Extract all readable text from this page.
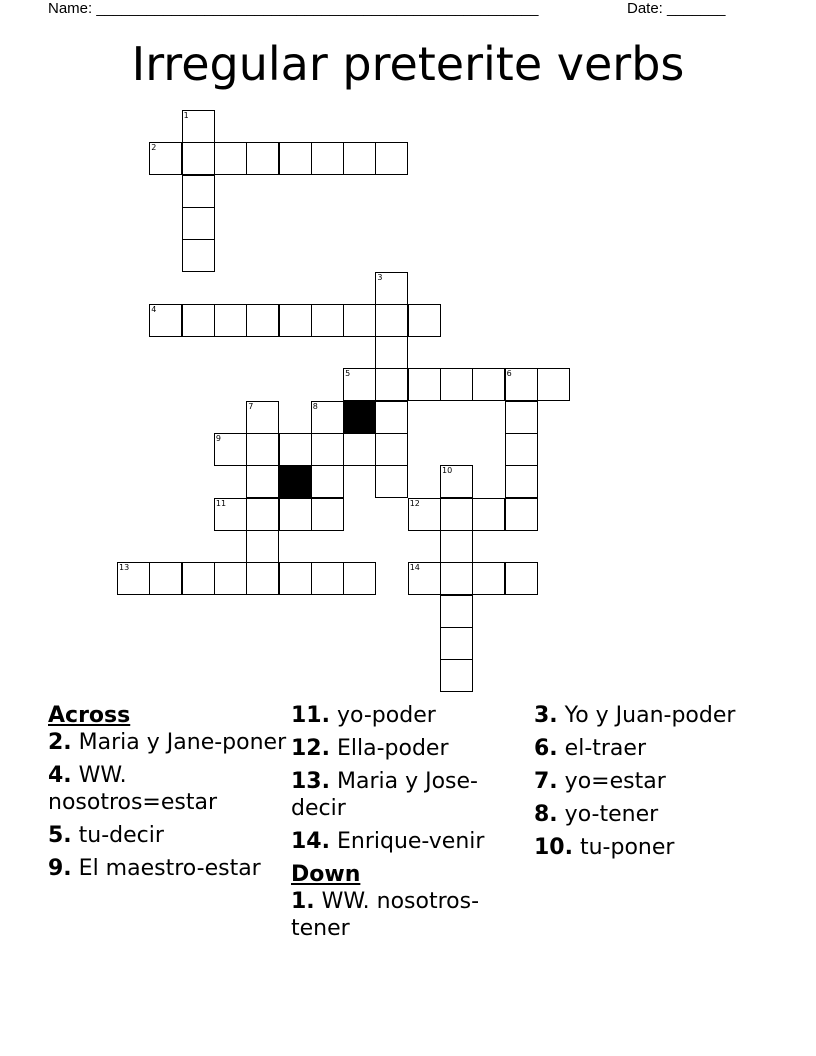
Name: _____________________________________________________	Date: _______
Irregular preterite verbs
1
2
3
4
5	6
7	8
9
10
11	12
13	14
Across
2. Maria y Jane-poner
4. WW. nosotros=estar
5. tu-decir
9. El maestro-estar
11. yo-poder
12. Ella-poder
13. Maria y Jose-decir
14. Enrique-venir
Down
1. WW. nosotros-tener
3. Yo y Juan-poder
6. el-traer
7. yo=estar
8. yo-tener
10. tu-poner
